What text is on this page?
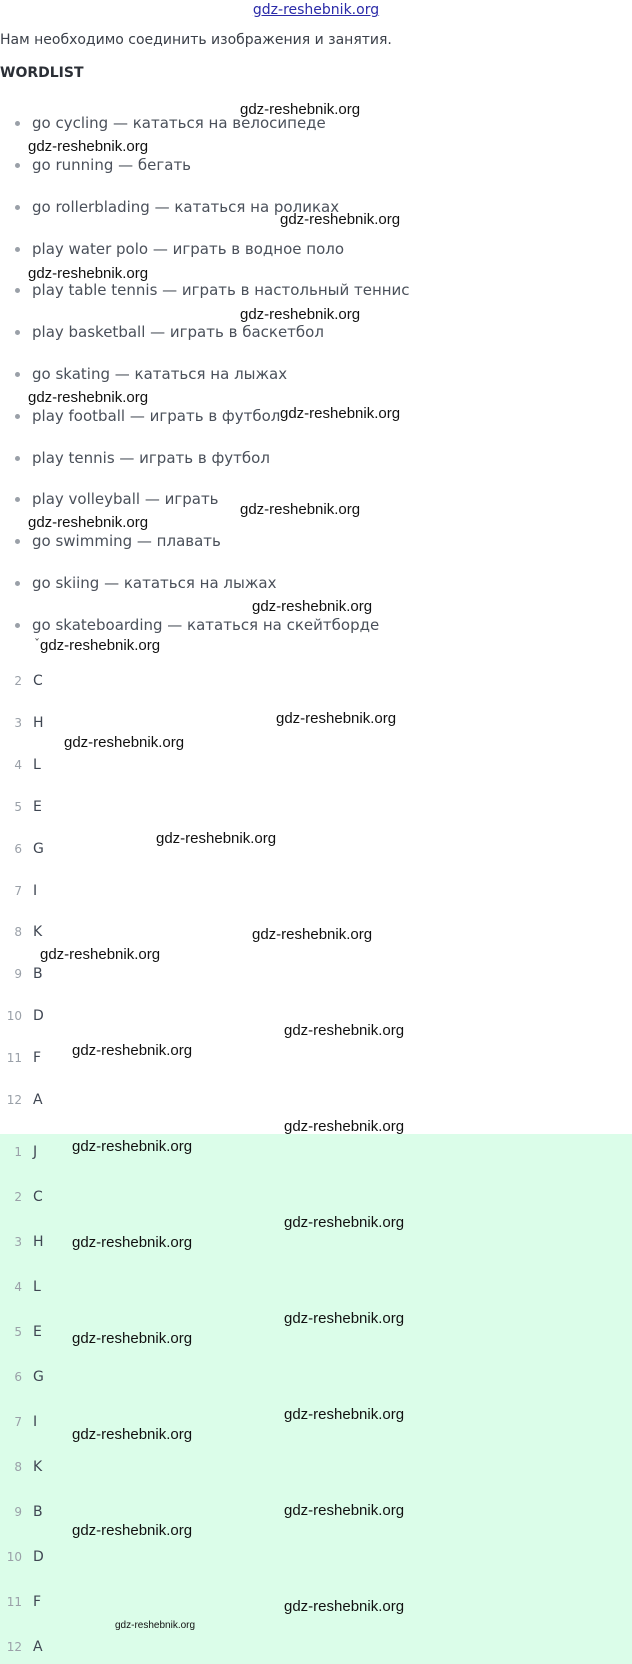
gdz-reshebnik.org
Нам необходимо соединить изображения и занятия.
WORDLIST
go cycling — кататься на велосипеде
go running — бегать
go rollerblading — кататься на роликах
play water polo — играть в водное поло
play table tennis — играть в настольный теннис
play basketball — играть в баскетбол
go skating — кататься на лыжах
play football — играть в футбол
play tennis — играть в футбол
play volleyball — играть
go swimming — плавать
go skiing — кататься на лыжах
go skateboarding — кататься на скейтборде
ˇ
2 C
3 H
4 L
5 E
6 G
7 I
8 K
9 B
10 D
11 F
12 A
1 J
2 C
3 H
4 L
5 E
6 G
7 I
8 K
9 B
10 D
11 F
12 A
gdz-reshebnik.org
gdz-reshebnik.org
gdz-reshebnik.org
gdz-reshebnik.org
gdz-reshebnik.org
gdz-reshebnik.org
gdz-reshebnik.org
gdz-reshebnik.org
gdz-reshebnik.org
gdz-reshebnik.org
gdz-reshebnik.org
gdz-reshebnik.org
gdz-reshebnik.org
gdz-reshebnik.org
gdz-reshebnik.org
gdz-reshebnik.org
gdz-reshebnik.org
gdz-reshebnik.org
gdz-reshebnik.org
gdz-reshebnik.org
gdz-reshebnik.org
gdz-reshebnik.org
gdz-reshebnik.org
gdz-reshebnik.org
gdz-reshebnik.org
gdz-reshebnik.org
gdz-reshebnik.org
gdz-reshebnik.org
gdz-reshebnik.org
gdz-reshebnik.org
